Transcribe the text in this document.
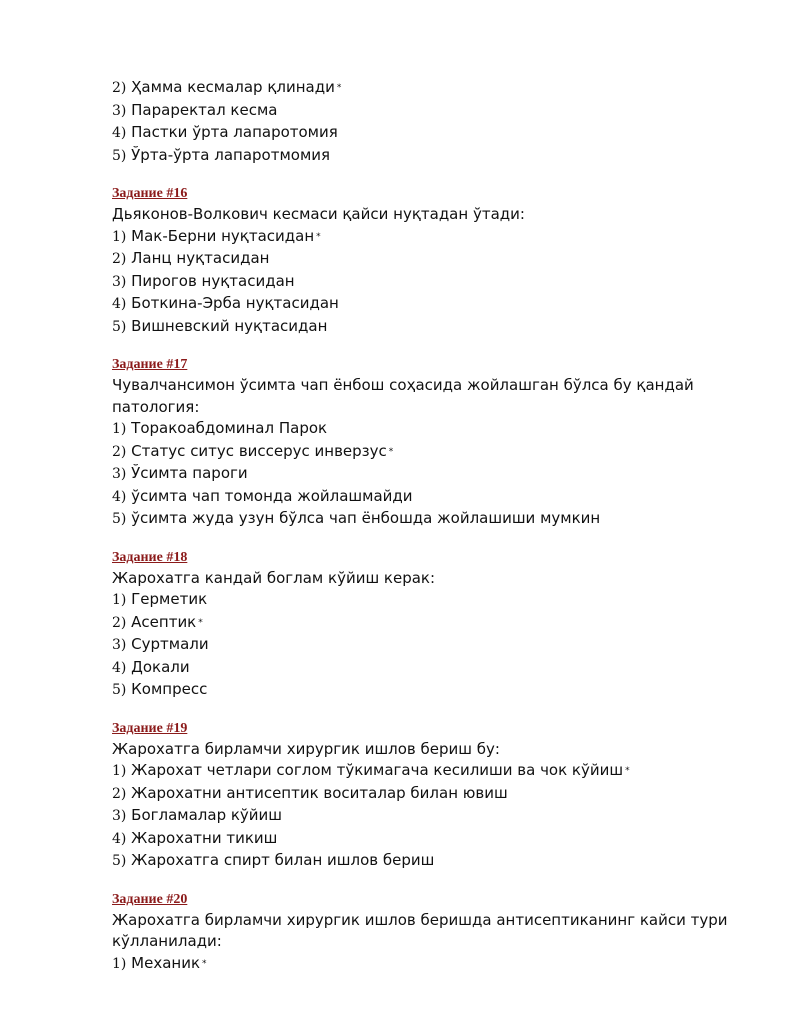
2) Ҳамма кесмалар қлинади *
3) Параректал кесма
4) Пастки ўрта лапаротомия
5) Ўрта-ўрта лапаротмомия
Задание #16
Дьяконов-Волкович кесмаси қайси нуқтадан ўтади:
1) Мак-Берни нуқтасидан *
2) Ланц нуқтасидан
3) Пирогов нуқтасидан
4) Боткина-Эрба нуқтасидан
5) Вишневский нуқтасидан
Задание #17
Чувалчансимон ўсимта чап ёнбош соҳасида жойлашган бўлса бу қандай патология:
1) Торакоабдоминал Парок
2) Статус ситус виссерус инверзус *
3) Ўсимта пароги
4) ўсимта чап томонда жойлашмайди
5) ўсимта жуда узун бўлса чап ёнбошда жойлашиши мумкин
Задание #18
Жарохатга кандай боглам кўйиш керак:
1) Герметик
2) Асептик *
3) Суртмали
4) Докали
5) Компресс
Задание #19
Жарохатга бирламчи хирургик ишлов бериш бу:
1) Жарохат четлари соглом тўкимагача кесилиши ва чок кўйиш *
2) Жарохатни антисептик воситалар билан ювиш
3) Богламалар кўйиш
4) Жарохатни тикиш
5) Жарохатга спирт билан ишлов бериш
Задание #20
Жарохатга бирламчи хирургик ишлов беришда антисептиканинг кайси тури кўлланилади:
1) Механик *
